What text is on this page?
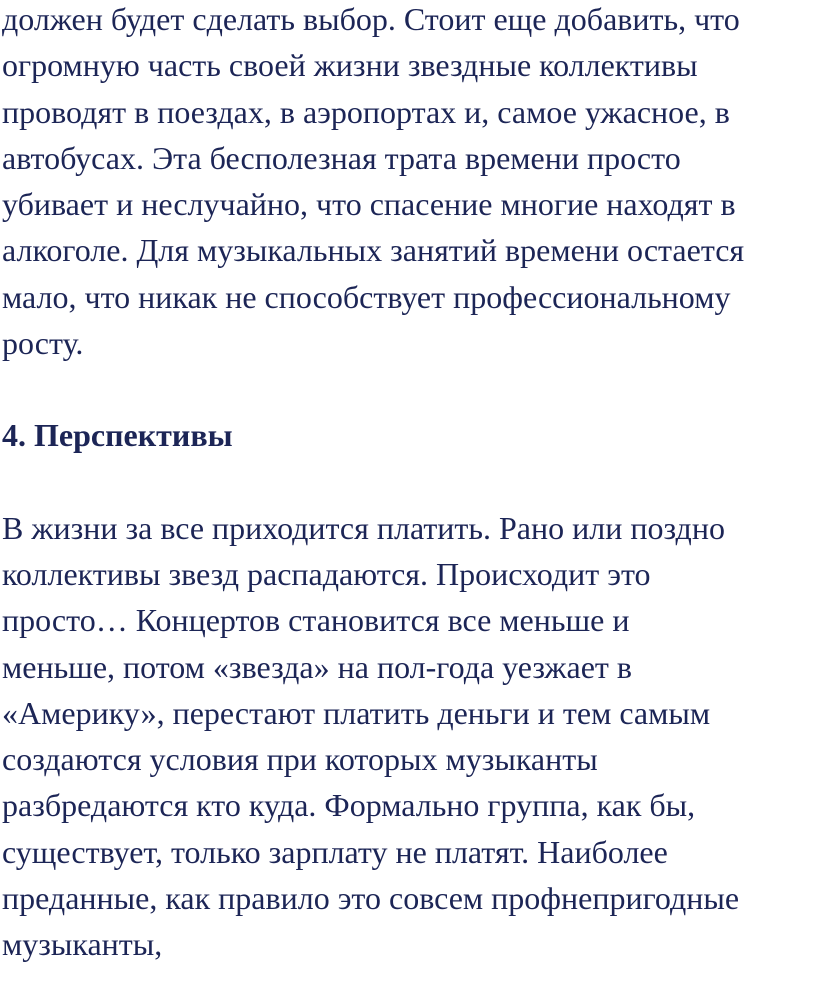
должен будет сделать выбор. Стоит еще добавить, что
огромную часть своей жизни звездные коллективы
проводят в поездах, в аэропортах и, самое ужасное, в
автобусах. Эта бесполезная трата времени просто
убивает и неслучайно, что спасение многие находят в
алкоголе. Для музыкальных занятий времени остается
мало, что никак не способствует профессиональному
росту.
4. Перспективы
В жизни за все приходится платить. Рано или поздно
коллективы звезд распадаются. Происходит это
просто… Концертов становится все меньше и
меньше, потом «звезда» на пол-года уезжает в
«Америку», перестают платить деньги и тем самым
создаются условия при которых музыканты
разбредаются кто куда. Формально группа, как бы,
существует, только зарплату не платят. Наиболее
преданные, как правило это совсем профнепригодные
музыканты,
